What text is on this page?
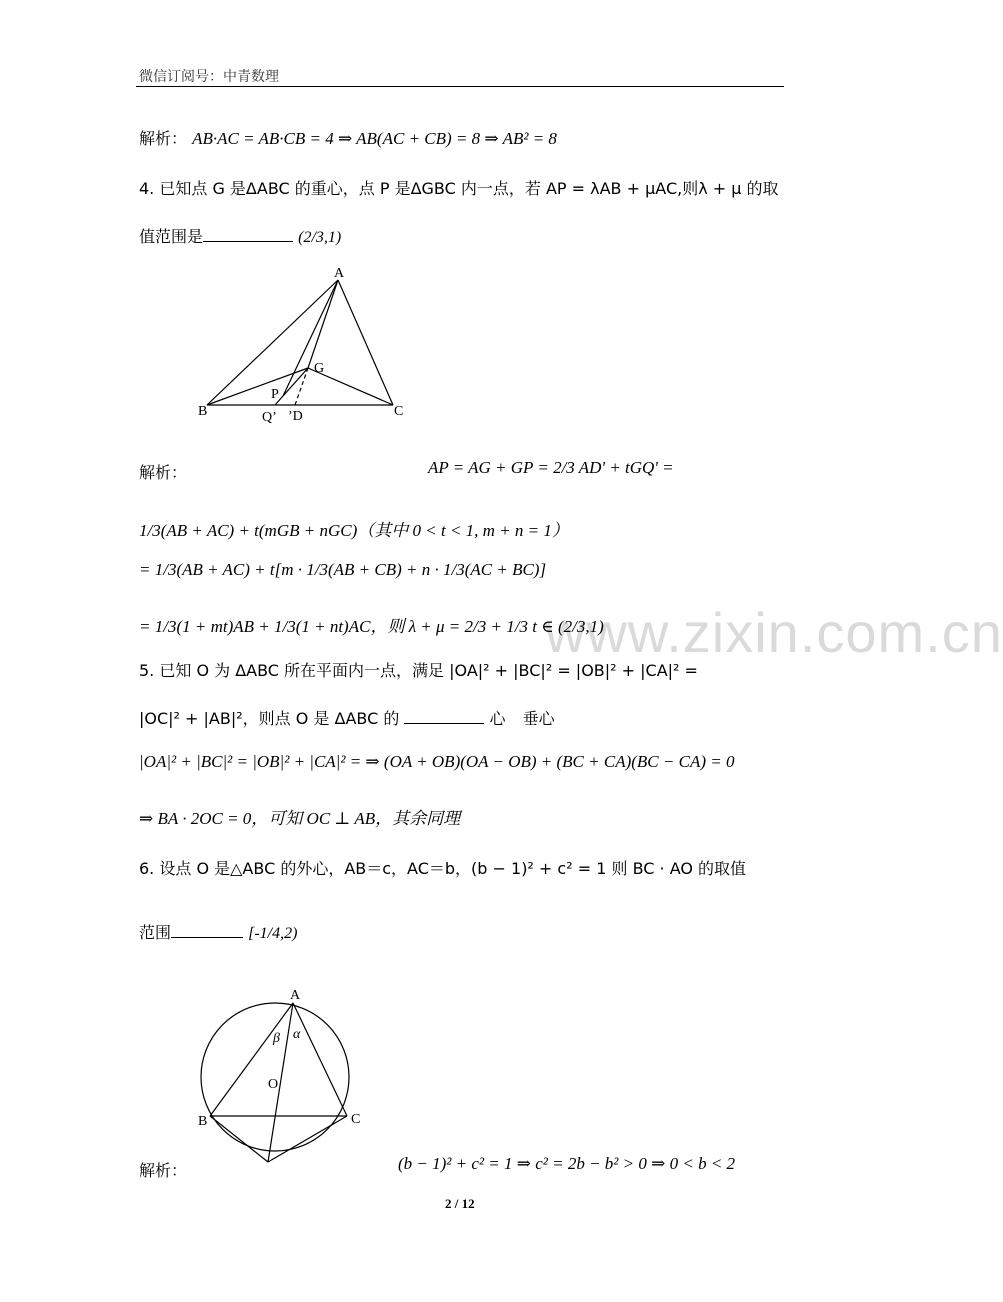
微信订阅号：中青数理
www.zixin.com.cn
解析： AB·AC = AB·CB = 4 ⇒ AB(AC + CB) = 8 ⇒ AB² = 8
4. 已知点 G 是ΔABC 的重心，点 P 是ΔGBC 内一点，若 AP = λAB + μAC,则λ + μ 的取
值范围是	(2/3,1)
A
G
P
B	Q’ ’D	C
解析：	AP = AG + GP = 2/3 AD' + tGQ' =
1/3(AB + AC) + t(mGB + nGC)（其中 0 < t < 1, m + n = 1）
= 1/3(AB + AC) + t[m · 1/3(AB + CB) + n · 1/3(AC + BC)]
= 1/3(1 + mt)AB + 1/3(1 + nt)AC，则 λ + μ = 2/3 + 1/3 t ∈ (2/3,1)
5. 已知 O 为 ΔABC 所在平面内一点，满足 |OA|² + |BC|² = |OB|² + |CA|² =
|OC|² + |AB|²，则点 O 是 ΔABC 的	心 垂心
|OA|² + |BC|² = |OB|² + |CA|² = ⇒ (OA + OB)(OA − OB) + (BC + CA)(BC − CA) = 0
⇒ BA · 2OC = 0，可知 OC ⊥ AB，其余同理
6. 设点 O 是△ABC 的外心，AB＝c，AC＝b，(b − 1)² + c² = 1 则 BC · AO 的取值
范围	[-1/4,2)
A
β α
O
B	C
解析：	(b − 1)² + c² = 1 ⇒ c² = 2b − b² > 0 ⇒ 0 < b < 2
2 / 12
